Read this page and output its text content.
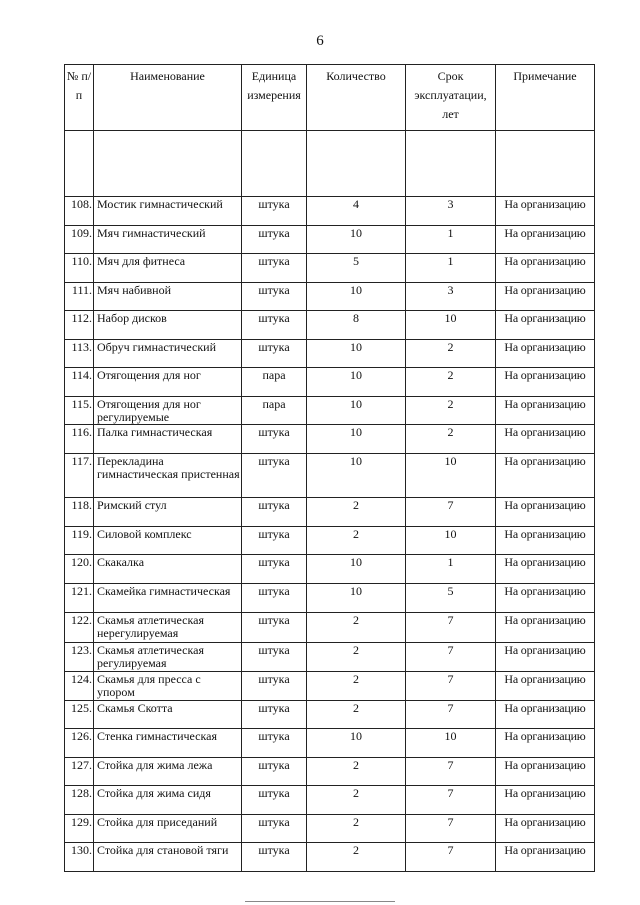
6
№ п/п	Наименование	Единица измерения	Количество	Срок эксплуатации, лет	Примечание

108.	Мостик гимнастический	штука	4	3	На организацию
109.	Мяч гимнастический	штука	10	1	На организацию
110.	Мяч для фитнеса	штука	5	1	На организацию
111.	Мяч набивной	штука	10	3	На организацию
112.	Набор дисков	штука	8	10	На организацию
113.	Обруч гимнастический	штука	10	2	На организацию
114.	Отягощения для ног	пара	10	2	На организацию
115.	Отягощения для ног регулируемые	пара	10	2	На организацию
116.	Палка гимнастическая	штука	10	2	На организацию
117.	Перекладина гимнастическая пристенная	штука	10	10	На организацию
118.	Римский стул	штука	2	7	На организацию
119.	Силовой комплекс	штука	2	10	На организацию
120.	Скакалка	штука	10	1	На организацию
121.	Скамейка гимнастическая	штука	10	5	На организацию
122.	Скамья атлетическая нерегулируемая	штука	2	7	На организацию
123.	Скамья атлетическая регулируемая	штука	2	7	На организацию
124.	Скамья для пресса с упором	штука	2	7	На организацию
125.	Скамья Скотта	штука	2	7	На организацию
126.	Стенка гимнастическая	штука	10	10	На организацию
127.	Стойка для жима лежа	штука	2	7	На организацию
128.	Стойка для жима сидя	штука	2	7	На организацию
129.	Стойка для приседаний	штука	2	7	На организацию
130.	Стойка для становой тяги	штука	2	7	На организацию
